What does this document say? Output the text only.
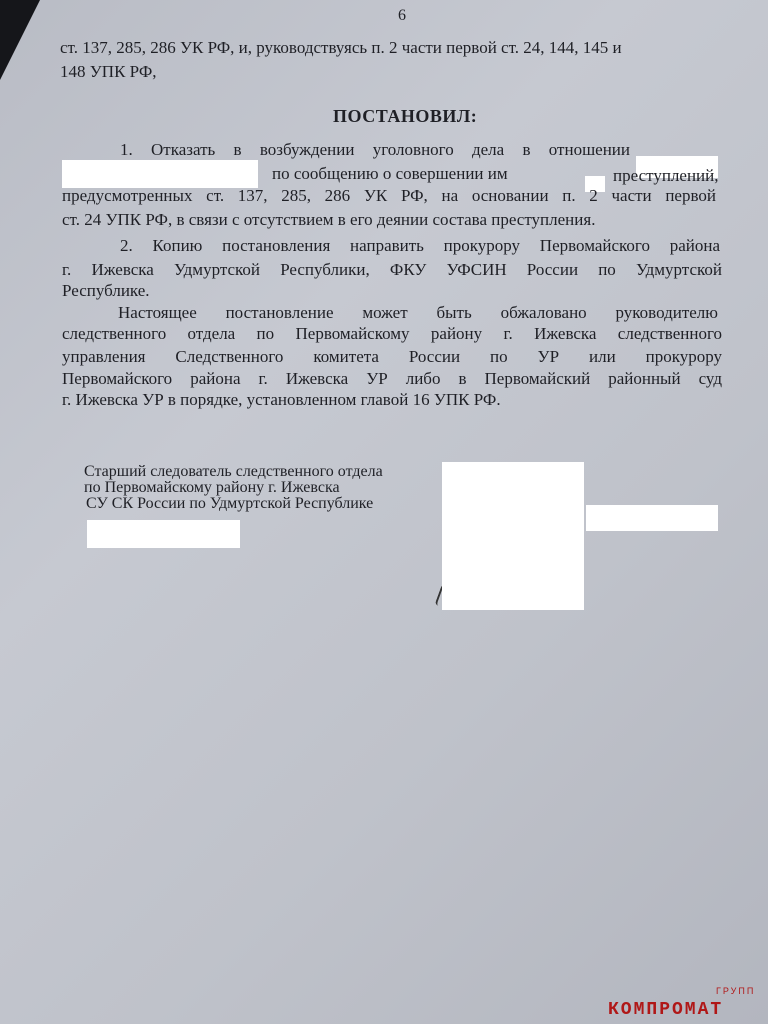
6
ст. 137, 285, 286 УК РФ, и, руководствуясь п. 2 части первой ст. 24, 144, 145 и
148 УПК РФ,
ПОСТАНОВИЛ:
1. Отказать в возбуждении уголовного дела в отношении
по сообщению о совершении им	преступлений,
предусмотренных ст. 137, 285, 286 УК РФ, на основании п. 2 части первой
ст. 24 УПК РФ, в связи с отсутствием в его деянии состава преступления.
2. Копию постановления направить прокурору Первомайского района
г. Ижевска Удмуртской Республики, ФКУ УФСИН России по Удмуртской
Республике.
Настоящее постановление может быть обжаловано руководителю
следственного отдела по Первомайскому району г. Ижевска следственного
управления Следственного комитета России по УР или прокурору
Первомайского района г. Ижевска УР либо в Первомайский районный суд
г. Ижевска УР в порядке, установленном главой 16 УПК РФ.
Старший следователь следственного отдела
по Первомайскому району г. Ижевска
СУ СК России по Удмуртской Республике
ГРУПП
КОМПРОМАТ
